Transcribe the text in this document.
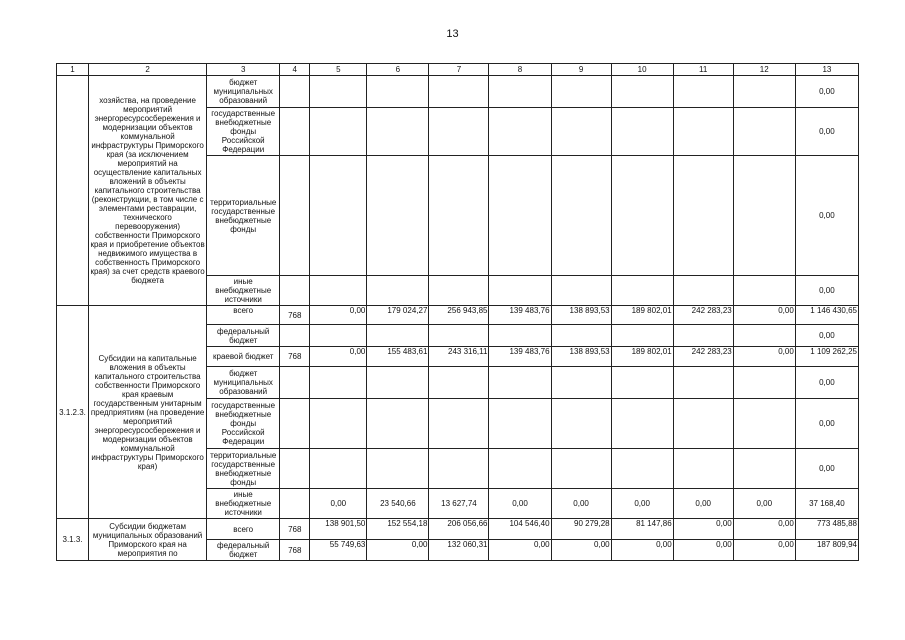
13
1	2	3	4	5	6	7	8	9	10	11	12	13
	хозяйства, на проведение мероприятий энергоресурсосбережения и модернизации объектов коммунальной инфраструктуры Приморского края (за исключением мероприятий на осуществление капитальных вложений в объекты капитального строительства (реконструкции, в том числе с элементами реставрации, технического перевооружения) собственности Приморского края и приобретение объектов недвижимого имущества в собственность Приморского края) за счет средств краевого бюджета	бюджет муниципальных образований										0,00
		государственные внебюджетные фонды Российской Федерации										0,00
		территориальные государственные внебюджетные фонды										0,00
		иные внебюджетные источники										0,00
3.1.2.3.	Субсидии на капитальные вложения в объекты капитального строительства собственности Приморского края краевым государственным унитарным предприятиям (на проведение мероприятий энергоресурсосбережения и модернизации объектов коммунальной инфраструктуры Приморского края)	всего	768	0,00	179 024,27	256 943,85	139 483,76	138 893,53	189 802,01	242 283,23	0,00	1 146 430,65
		федеральный бюджет										0,00
		краевой бюджет	768	0,00	155 483,61	243 316,11	139 483,76	138 893,53	189 802,01	242 283,23	0,00	1 109 262,25
		бюджет муниципальных образований										0,00
		государственные внебюджетные фонды Российской Федерации										0,00
		территориальные государственные внебюджетные фонды										0,00
		иные внебюджетные источники		0,00	23 540,66	13 627,74	0,00	0,00	0,00	0,00	0,00	37 168,40
3.1.3.	Субсидии бюджетам муниципальных образований Приморского края на мероприятия по	всего	768	138 901,50	152 554,18	206 056,66	104 546,40	90 279,28	81 147,86	0,00	0,00	773 485,88
		федеральный бюджет	768	55 749,63	0,00	132 060,31	0,00	0,00	0,00	0,00	0,00	187 809,94
